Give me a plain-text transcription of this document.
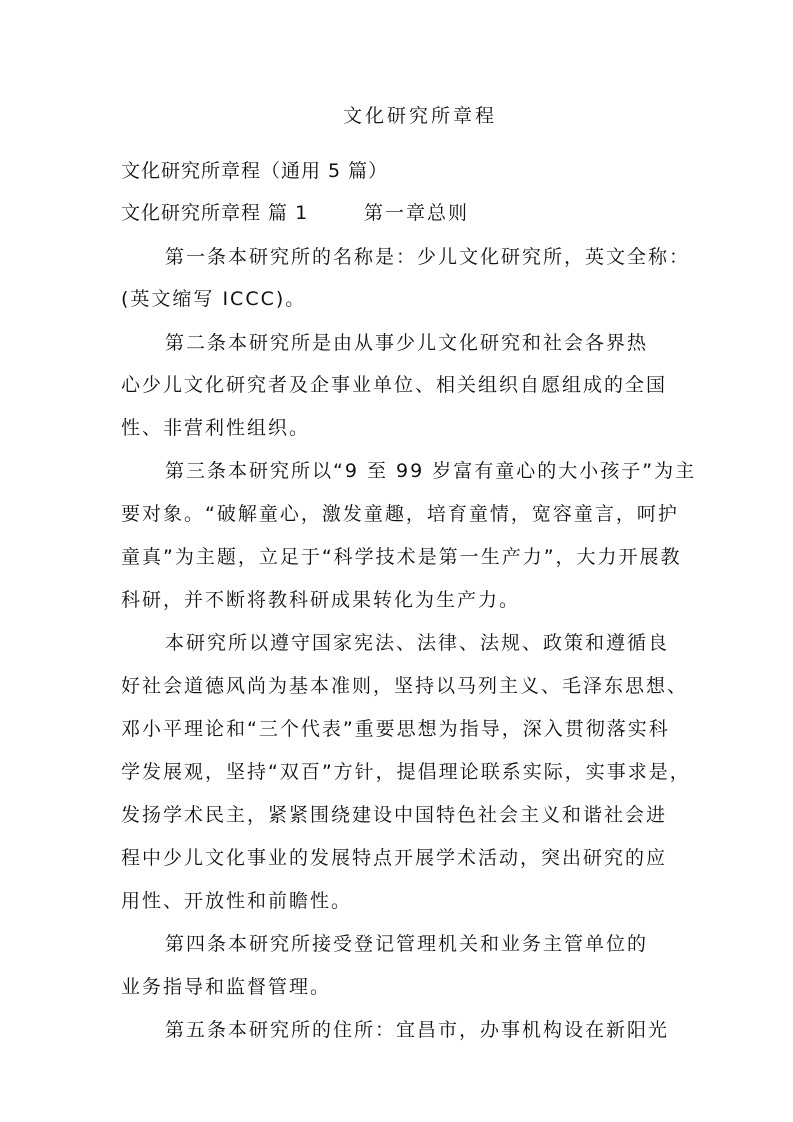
文化研究所章程
文化研究所章程（通用 5 篇）
文化研究所章程 篇 1	第一章总则
第一条本研究所的名称是：少儿文化研究所，英文全称：
(英文缩写 ICCC)。
第二条本研究所是由从事少儿文化研究和社会各界热
心少儿文化研究者及企事业单位、相关组织自愿组成的全国
性、非营利性组织。
第三条本研究所以“9 至 99 岁富有童心的大小孩子”为主
要对象。“破解童心，激发童趣，培育童情，宽容童言，呵护
童真”为主题，立足于“科学技术是第一生产力”，大力开展教
科研，并不断将教科研成果转化为生产力。
本研究所以遵守国家宪法、法律、法规、政策和遵循良
好社会道德风尚为基本准则，坚持以马列主义、毛泽东思想、
邓小平理论和“三个代表”重要思想为指导，深入贯彻落实科
学发展观，坚持“双百”方针，提倡理论联系实际，实事求是，
发扬学术民主，紧紧围绕建设中国特色社会主义和谐社会进
程中少儿文化事业的发展特点开展学术活动，突出研究的应
用性、开放性和前瞻性。
第四条本研究所接受登记管理机关和业务主管单位的
业务指导和监督管理。
第五条本研究所的住所：宜昌市，办事机构设在新阳光
